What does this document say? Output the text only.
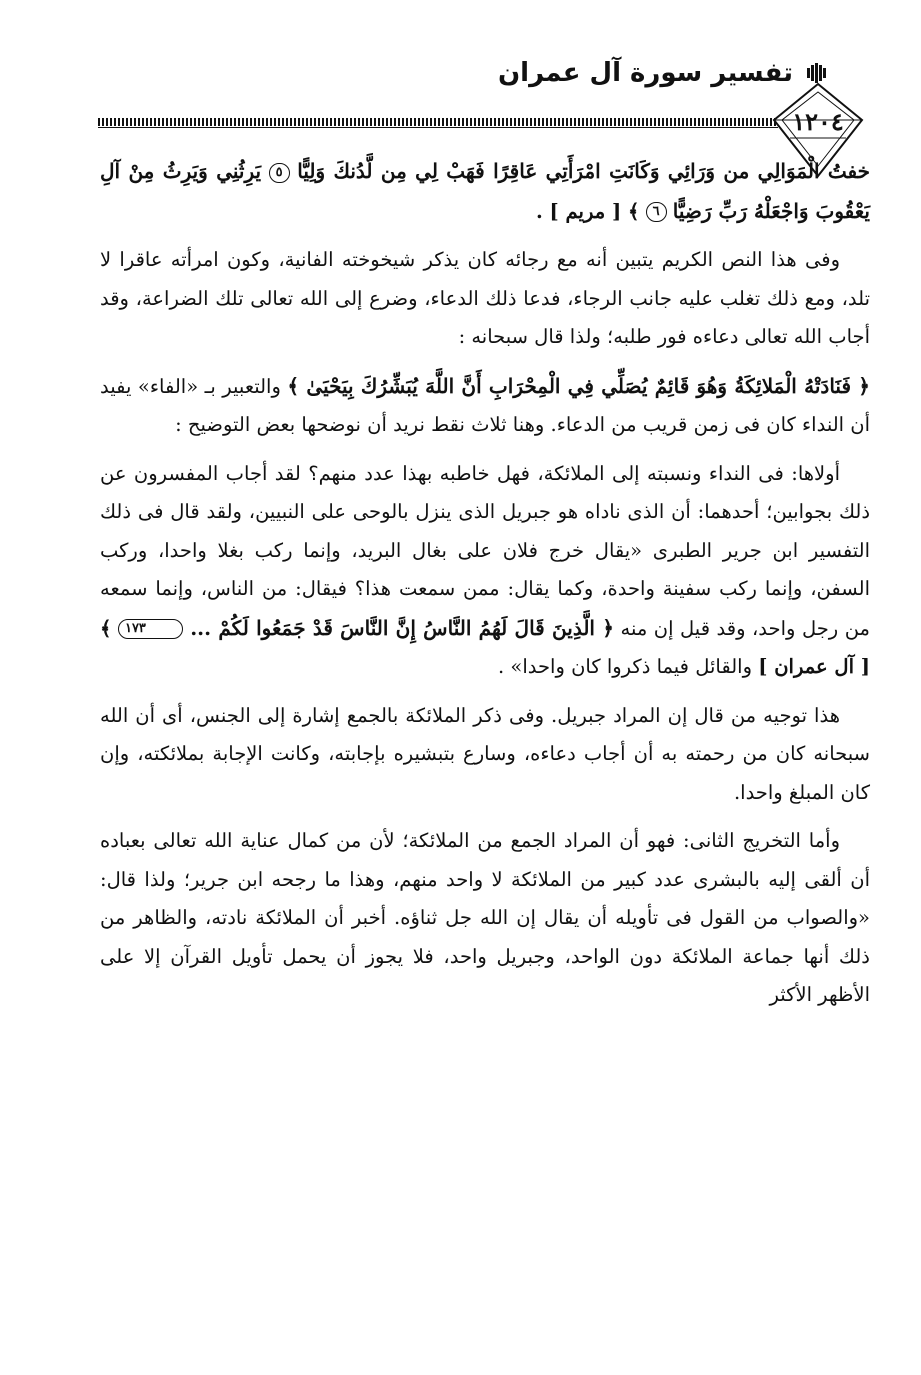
تفسير سورة آل عمران
١٢٠٤

خفتُ الْمَوَالِي من وَرَائِي وَكَانَتِ امْرَأَتِي عَاقِرًا فَهَبْ لِي مِن لَّدُنكَ وَلِيًّا ٥ يَرِثُنِي وَيَرِثُ مِنْ آلِ يَعْقُوبَ وَاجْعَلْهُ رَبِّ رَضِيًّا ٦ ﴾ [ مريم ] .

وفى هذا النص الكريم يتبين أنه مع رجائه كان يذكر شيخوخته الفانية، وكون امرأته عاقرا لا تلد، ومع ذلك تغلب عليه جانب الرجاء، فدعا ذلك الدعاء، وضرع إلى الله تعالى تلك الضراعة، وقد أجاب الله تعالى دعاءه فور طلبه؛ ولذا قال سبحانه :

﴿ فَنَادَتْهُ الْمَلائِكَةُ وَهُوَ قَائِمٌ يُصَلِّي فِي الْمِحْرَابِ أَنَّ اللَّهَ يُبَشِّرُكَ بِيَحْيَىٰ ﴾ والتعبير بـ «الفاء» يفيد أن النداء كان فى زمن قريب من الدعاء. وهنا ثلاث نقط نريد أن نوضحها بعض التوضيح :

أولاها: فى النداء ونسبته إلى الملائكة، فهل خاطبه بهذا عدد منهم؟ لقد أجاب المفسرون عن ذلك بجوابين؛ أحدهما: أن الذى ناداه هو جبريل الذى ينزل بالوحى على النبيين، ولقد قال فى ذلك التفسير ابن جرير الطبرى «يقال خرج فلان على بغال البريد، وإنما ركب بغلا واحدا، وركب السفن، وإنما ركب سفينة واحدة، وكما يقال: ممن سمعت هذا؟ فيقال: من الناس، وإنما سمعه من رجل واحد، وقد قيل إن منه ﴿ الَّذِينَ قَالَ لَهُمُ النَّاسُ إِنَّ النَّاسَ قَدْ جَمَعُوا لَكُمْ ... ١٧٣ ﴾ [ آل عمران ] والقائل فيما ذكروا كان واحدا» .

هذا توجيه من قال إن المراد جبريل. وفى ذكر الملائكة بالجمع إشارة إلى الجنس، أى أن الله سبحانه كان من رحمته به أن أجاب دعاءه، وسارع بتبشيره بإجابته، وكانت الإجابة بملائكته، وإن كان المبلغ واحدا.

وأما التخريج الثانى: فهو أن المراد الجمع من الملائكة؛ لأن من كمال عناية الله تعالى بعباده أن ألقى إليه بالبشرى عدد كبير من الملائكة لا واحد منهم، وهذا ما رجحه ابن جرير؛ ولذا قال: «والصواب من القول فى تأويله أن يقال إن الله جل ثناؤه. أخبر أن الملائكة نادته، والظاهر من ذلك أنها جماعة الملائكة دون الواحد، وجبريل واحد، فلا يجوز أن يحمل تأويل القرآن إلا على الأظهر الأكثر
